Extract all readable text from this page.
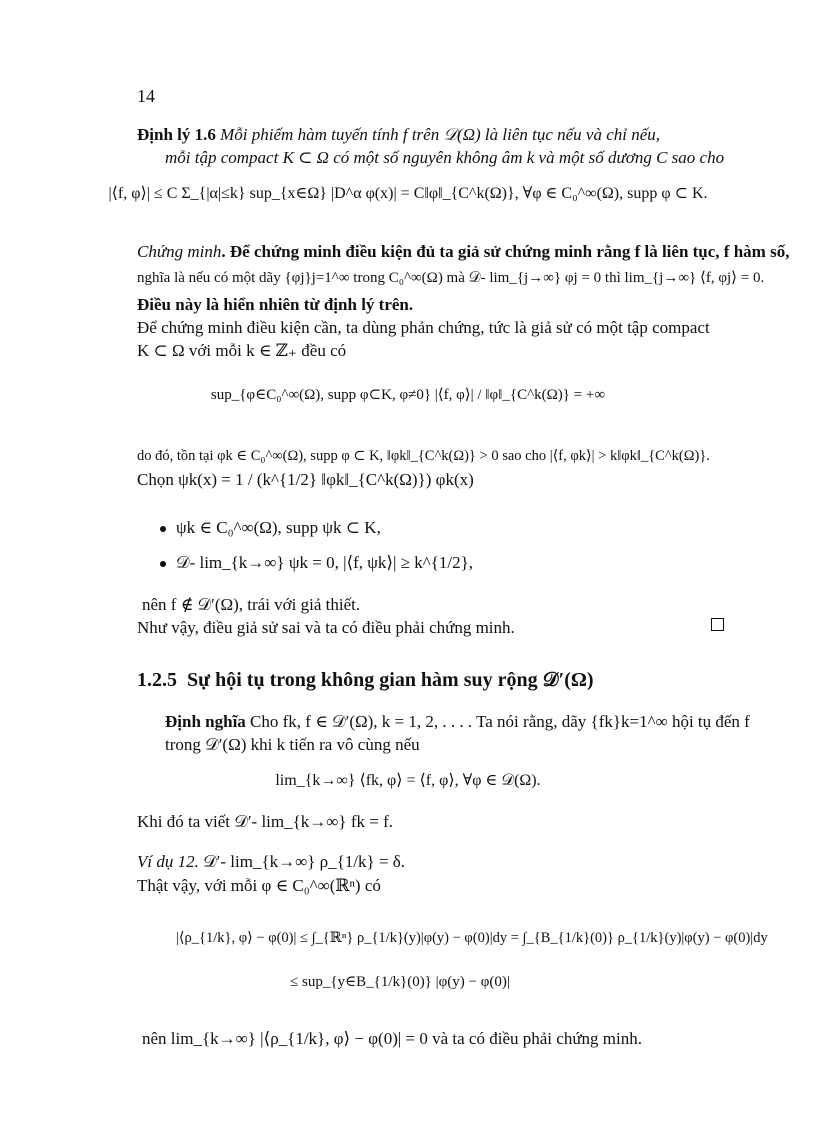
14
Định lý 1.6 Mỗi phiếm hàm tuyến tính f trên 𝒟(Ω) là liên tục nếu và chỉ nếu,
mỗi tập compact K ⊂ Ω có một số nguyên không âm k và một số dương C sao cho
|⟨f, φ⟩| ≤ C Σ_{|α|≤k} sup_{x∈Ω} |D^α φ(x)| = C‖φ‖_{C^k(Ω)}, ∀φ ∈ C₀^∞(Ω), supp φ ⊂ K.
Chứng minh. Để chứng minh điều kiện đủ ta giả sử chứng minh rằng f là liên tục, f hàm số,
nghĩa là nếu có một dãy {φj}j=1^∞ trong C₀^∞(Ω) mà 𝒟‑ lim_{j→∞} φj = 0 thì lim_{j→∞} ⟨f, φj⟩ = 0.
Điều này là hiển nhiên từ định lý trên.
Để chứng minh điều kiện cần, ta dùng phản chứng, tức là giả sử có một tập compact
K ⊂ Ω với mỗi k ∈ ℤ₊ đều có
sup_{φ∈C₀^∞(Ω), supp φ⊂K, φ≠0} |⟨f, φ⟩| / ‖φ‖_{C^k(Ω)} = +∞
do đó, tồn tại φk ∈ C₀^∞(Ω), supp φ ⊂ K, ‖φk‖_{C^k(Ω)} > 0 sao cho |⟨f, φk⟩| > k‖φk‖_{C^k(Ω)}.
Chọn ψk(x) = 1 / (k^{1/2} ‖φk‖_{C^k(Ω)}) φk(x)
ψk ∈ C₀^∞(Ω), supp ψk ⊂ K,
𝒟‑ lim_{k→∞} ψk = 0, |⟨f, ψk⟩| ≥ k^{1/2},
nên f ∉ 𝒟′(Ω), trái với giả thiết.
Như vậy, điều giả sử sai và ta có điều phải chứng minh.
1.2.5 Sự hội tụ trong không gian hàm suy rộng 𝒟′(Ω)
Định nghĩa Cho fk, f ∈ 𝒟′(Ω), k = 1, 2, . . . . Ta nói rằng, dãy {fk}k=1^∞ hội tụ đến f
trong 𝒟′(Ω) khi k tiến ra vô cùng nếu
lim_{k→∞} ⟨fk, φ⟩ = ⟨f, φ⟩, ∀φ ∈ 𝒟(Ω).
Khi đó ta viết 𝒟′‑ lim_{k→∞} fk = f.
Ví dụ 12. 𝒟′‑ lim_{k→∞} ρ_{1/k} = δ.
Thật vậy, với mỗi φ ∈ C₀^∞(ℝⁿ) có
|⟨ρ_{1/k}, φ⟩ − φ(0)| ≤ ∫_{ℝⁿ} ρ_{1/k}(y)|φ(y) − φ(0)|dy = ∫_{B_{1/k}(0)} ρ_{1/k}(y)|φ(y) − φ(0)|dy
≤ sup_{y∈B_{1/k}(0)} |φ(y) − φ(0)|
nên lim_{k→∞} |⟨ρ_{1/k}, φ⟩ − φ(0)| = 0 và ta có điều phải chứng minh.
